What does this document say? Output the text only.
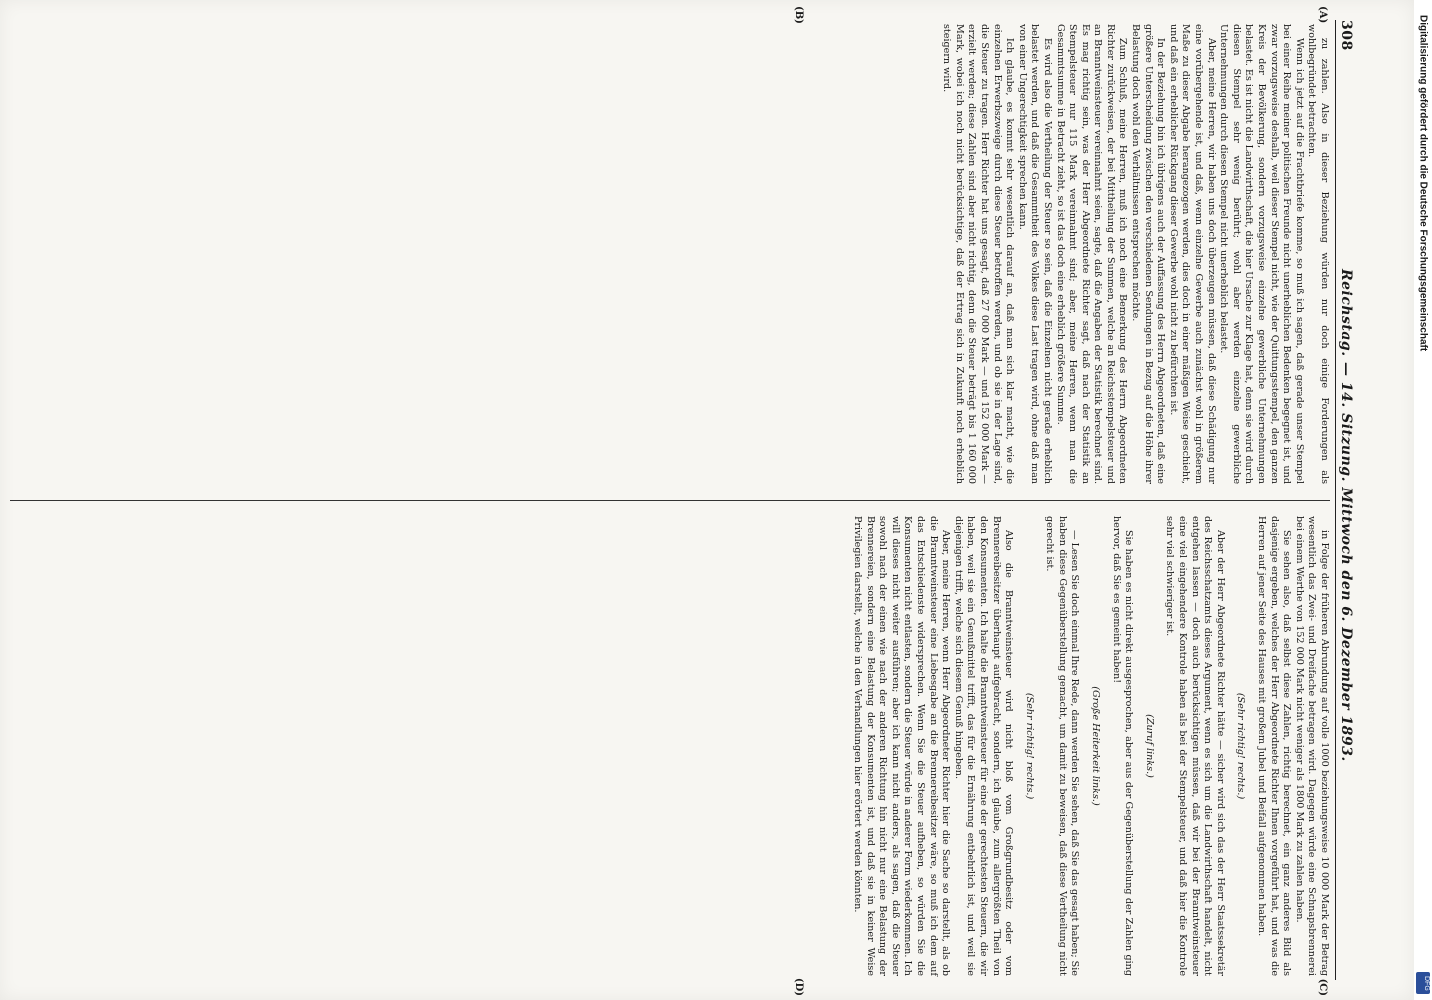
308
Reichstag. — 14. Sitzung. Mittwoch den 6. Dezember 1893.
(A)
(B)
(C)
(D)

zu zahlen. Also in dieser Beziehung würden nur doch einige Forderungen als wohlbegründet betrachten.

Wenn ich jetzt auf die Frachtbriefe komme, so muß ich sagen, daß gerade unser Stempel bei einer Reihe meiner politischen Freunde nicht unerheblichen Bedenken begegnet ist, und zwar vorzugsweise deshalb, weil dieser Stempel nicht, wie der Quittungsstempel, den ganzen Kreis der Bevölkerung, sondern vorzugsweise einzelne gewerbliche Unternehmungen belastet. Es ist nicht die Landwirthschaft, die hier Ursache zur Klage hat, denn sie wird durch diesen Stempel sehr wenig berührt; wohl aber werden einzelne gewerbliche Unternehmungen durch diesen Stempel nicht unerheblich belastet.

Aber, meine Herren, wir haben uns doch überzeugen müssen, daß diese Schädigung nur eine vorübergehende ist, und daß, wenn einzelne Gewerbe auch zunächst wohl in größerem Maße zu dieser Abgabe herangezogen werden, dies doch in einer mäßigen Weise geschieht, und daß ein erheblicher Rückgang dieser Gewerbe wohl nicht zu befürchten ist.

In der Beziehung bin ich übrigens auch der Auffassung des Herrn Abgeordneten, daß eine größere Unterscheidung zwischen den verschiedenen Sendungen in Bezug auf die Höhe ihrer Belastung doch wohl den Verhältnissen entsprechen möchte.

Zum Schluß, meine Herren, muß ich noch eine Bemerkung des Herrn Abgeordneten Richter zurückweisen, der bei Mittheilung der Summen, welche an Reichsstempelsteuer und an Branntweinsteuer vereinnahmt seien, sagte, daß die Angaben der Statistik berechnet sind. Es mag richtig sein, was der Herr Abgeordnete Richter sagt, daß nach der Statistik an Stempelsteuer nur 115 Mark vereinnahmt sind; aber, meine Herren, wenn man die Gesammtsumme in Betracht zieht, so ist das doch eine erheblich größere Summe.

Es wird also die Vertheilung der Steuer so sein, daß die Einzelnen nicht gerade erheblich belastet werden, und daß die Gesammtheit des Volkes diese Last tragen wird, ohne daß man von einer Ungerechtigkeit sprechen kann.

Ich glaube, es kommt sehr wesentlich darauf an, daß man sich klar macht, wie die einzelnen Erwerbszweige durch diese Steuer betroffen werden, und ob sie in der Lage sind, die Steuer zu tragen. Herr Richter hat uns gesagt, daß 27 000 Mark — und 152 000 Mark — erzielt werden; diese Zahlen sind aber nicht richtig, denn die Steuer beträgt bis 1 160 000 Mark, wobei ich noch nicht berücksichtige, daß der Ertrag sich in Zukunft noch erheblich steigern wird.

in Folge der früheren Abrundung auf volle 1000 beziehungsweise 10 000 Mark der Betrag wesentlich das Zwei- und Dreifache betragen wird. Dagegen würde eine Schnapsbrennerei bei einem Werthe von 152 000 Mark nicht weniger als 1800 Mark zu zahlen haben.

Sie sehen also, daß selbst diese Zahlen, richtig berechnet, ein ganz anderes Bild als dasjenige ergeben, welches der Herr Abgeordnete Richter Ihnen vorgeführt hat, und was die Herren auf jener Seite des Hauses mit großem Jubel und Beifall aufgenommen haben.

(Sehr richtig! rechts.)

Aber der Herr Abgeordnete Richter hätte — sicher wird sich das der Herr Staatssekretär des Reichsschatzamts dieses Argument, wenn es sich um die Landwirthschaft handelt, nicht entgehen lassen — doch auch berücksichtigen müssen, daß wir bei der Branntweinsteuer eine viel eingehendere Kontrole haben als bei der Stempelsteuer, und daß hier die Kontrole sehr viel schwieriger ist.

(Zuruf links.)

Sie haben es nicht direkt ausgesprochen, aber aus der Gegenüberstellung der Zahlen ging hervor, daß Sie es gemeint haben!

(Große Heiterkeit links.)

— Lesen Sie doch einmal Ihre Rede, dann werden Sie sehen, daß Sie das gesagt haben; Sie haben diese Gegenüberstellung gemacht, um damit zu beweisen, daß diese Vertheilung nicht gerecht ist.

(Sehr richtig! rechts.)

Also die Branntweinsteuer wird nicht bloß vom Großgrundbesitz oder vom Brennereibesitzer überhaupt aufgebracht, sondern, ich glaube, zum allergrößten Theil von den Konsumenten. Ich halte die Branntweinsteuer für eine der gerechtesten Steuern, die wir haben, weil sie ein Genußmittel trifft, das für die Ernährung entbehrlich ist, und weil sie diejenigen trifft, welche sich diesem Genuß hingeben.

Aber, meine Herren, wenn Herr Abgeordneter Richter hier die Sache so darstellt, als ob die Branntweinsteuer eine Liebesgabe an die Brennereibesitzer wäre, so muß ich dem auf das Entschiedenste widersprechen. Wenn Sie die Steuer aufheben, so würden Sie die Konsumenten nicht entlasten, sondern die Steuer würde in anderer Form wiederkommen. Ich will dieses nicht weiter ausführen; aber ich kann nicht anders, als sagen, daß die Steuer sowohl nach der einen wie nach der anderen Richtung hin nicht nur eine Belastung der Brennereien, sondern eine Belastung der Konsumenten ist, und daß sie in keiner Weise Privilegien darstellt, welche in den Verhandlungen hier erörtert werden könnten.

Digitalisierung gefördert durch die Deutsche Forschungsgemeinschaft
DFG
